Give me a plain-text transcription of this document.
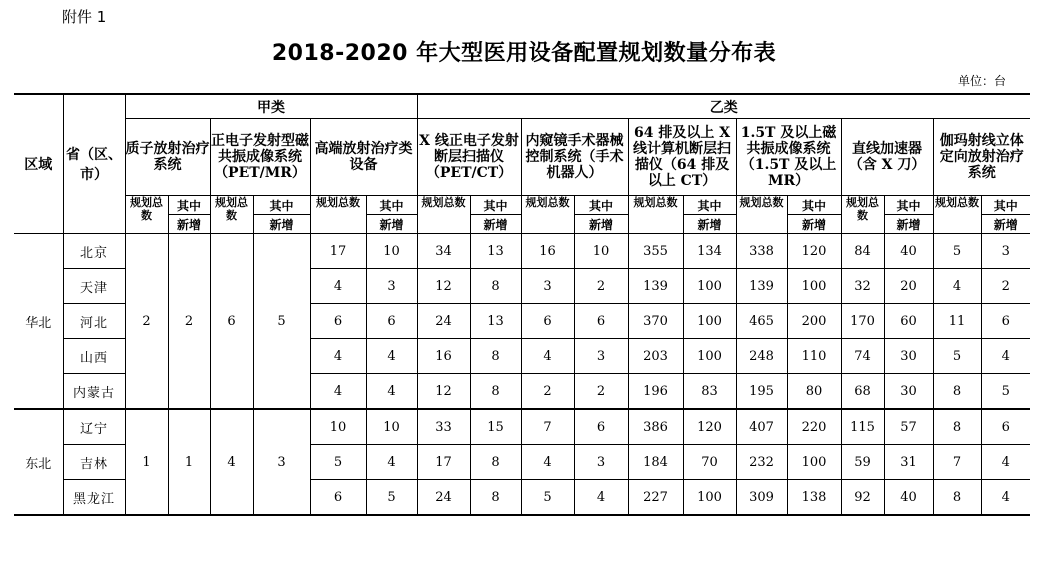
附件 1
2018-2020 年大型医用设备配置规划数量分布表
单位：台
区域	省（区、市）	甲类						乙类											
		质子放射治疗系统		正电子发射型磁共振成像系统（PET/MR）		高端放射治疗类设备		X 线正电子发射断层扫描仪（PET/CT）		内窥镜手术器械控制系统（手术机器人）		64 排及以上 X 线计算机断层扫描仪（64 排及以上 CT）		1.5T 及以上磁共振成像系统（1.5T 及以上 MR）		直线加速器（含 X 刀）		伽玛射线立体定向放射治疗系统	
		规划总数	其中	规划总数	其中	规划总数	其中	规划总数	其中	规划总数	其中	规划总数	其中	规划总数	其中	规划总数	其中	规划总数	其中
			新增		新增		新增		新增		新增		新增		新增		新增		新增
华北	北京	2	2	6	5	17	10	34	13	16	10	355	134	338	120	84	40	5	3
	天津					4	3	12	8	3	2	139	100	139	100	32	20	4	2
	河北					6	6	24	13	6	6	370	100	465	200	170	60	11	6
	山西					4	4	16	8	4	3	203	100	248	110	74	30	5	4
	内蒙古					4	4	12	8	2	2	196	83	195	80	68	30	8	5
东北	辽宁	1	1	4	3	10	10	33	15	7	6	386	120	407	220	115	57	8	6
	吉林					5	4	17	8	4	3	184	70	232	100	59	31	7	4
	黑龙江					6	5	24	8	5	4	227	100	309	138	92	40	8	4
